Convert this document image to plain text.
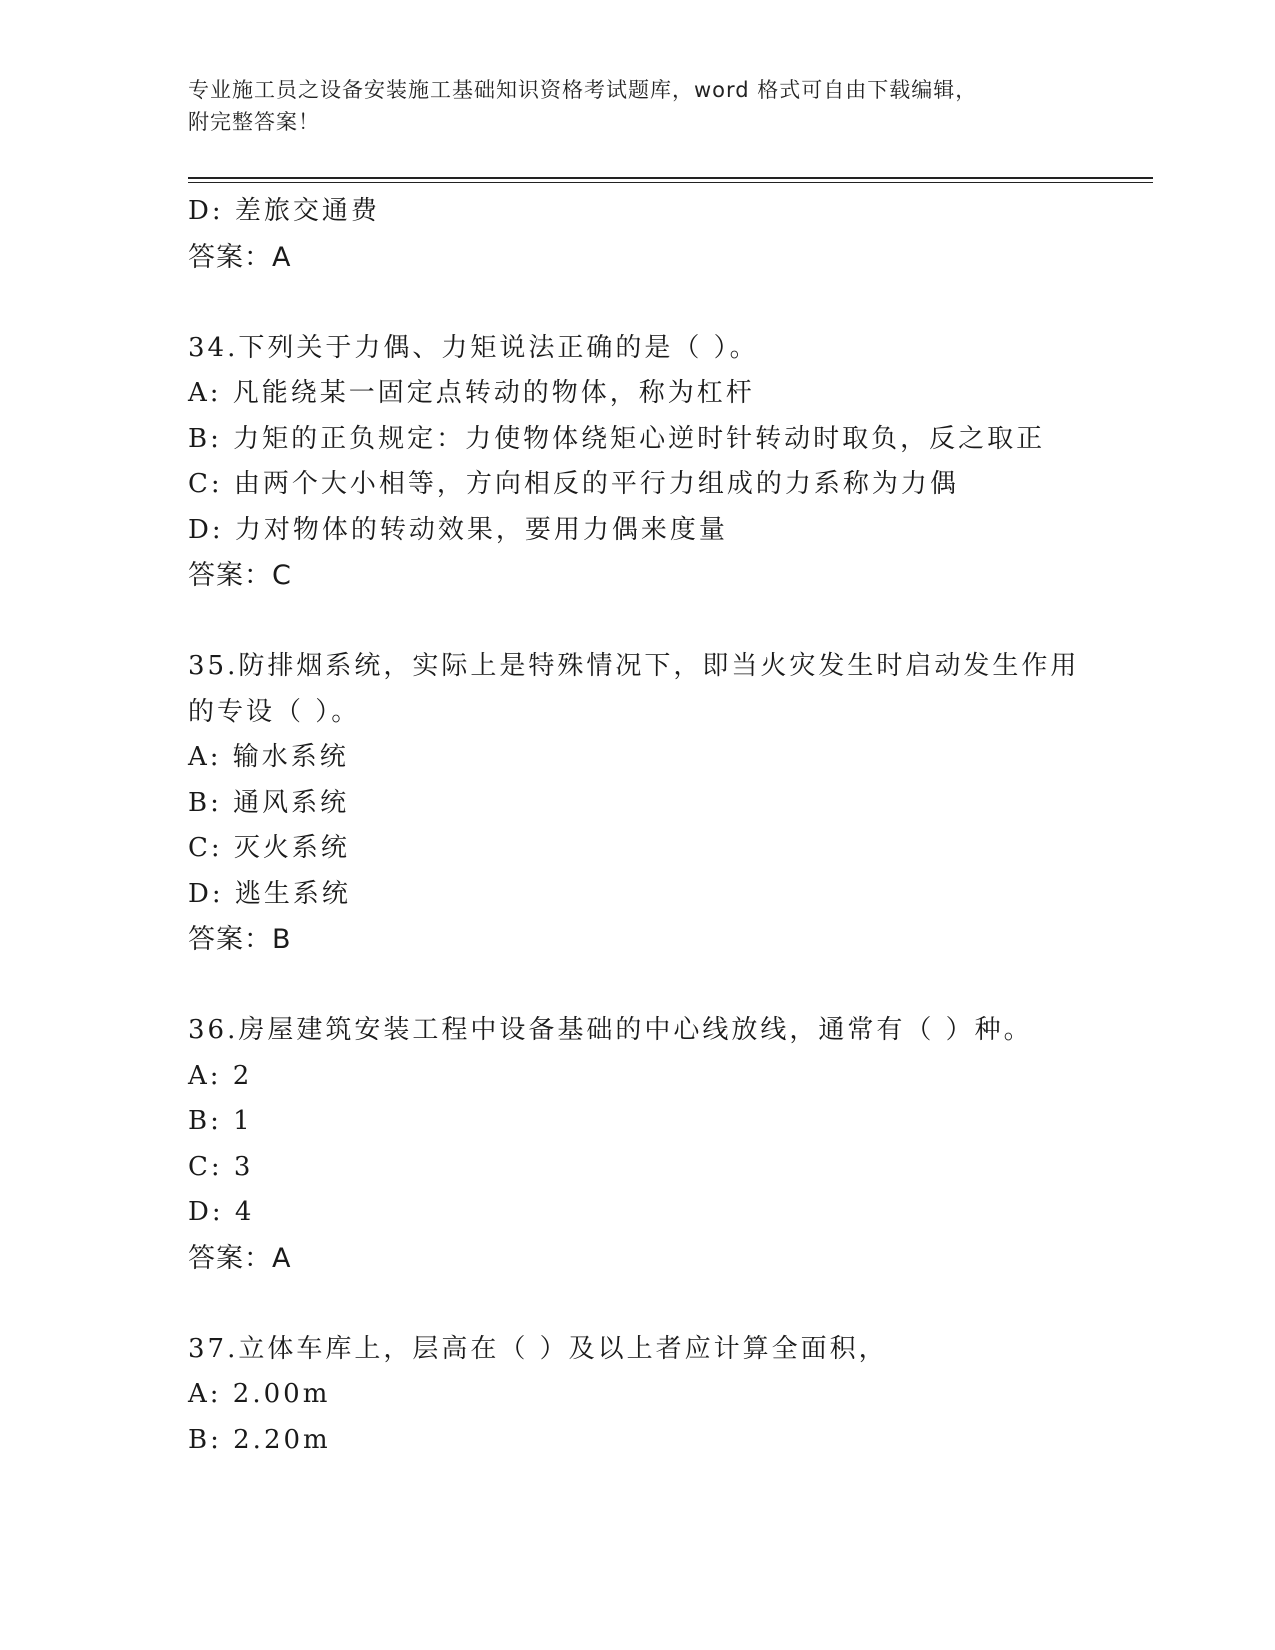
专业施工员之设备安装施工基础知识资格考试题库，word 格式可自由下载编辑，
附完整答案！
D: 差旅交通费
答案：A
34.下列关于力偶、力矩说法正确的是（ ）。
A: 凡能绕某一固定点转动的物体，称为杠杆
B: 力矩的正负规定：力使物体绕矩心逆时针转动时取负，反之取正
C: 由两个大小相等，方向相反的平行力组成的力系称为力偶
D: 力对物体的转动效果，要用力偶来度量
答案：C
35.防排烟系统，实际上是特殊情况下，即当火灾发生时启动发生作用
的专设（ ）。
A: 输水系统
B: 通风系统
C: 灭火系统
D: 逃生系统
答案：B
36.房屋建筑安装工程中设备基础的中心线放线，通常有（ ）种。
A: 2
B: 1
C: 3
D: 4
答案：A
37.立体车库上，层高在（ ）及以上者应计算全面积，
A: 2.00m
B: 2.20m
